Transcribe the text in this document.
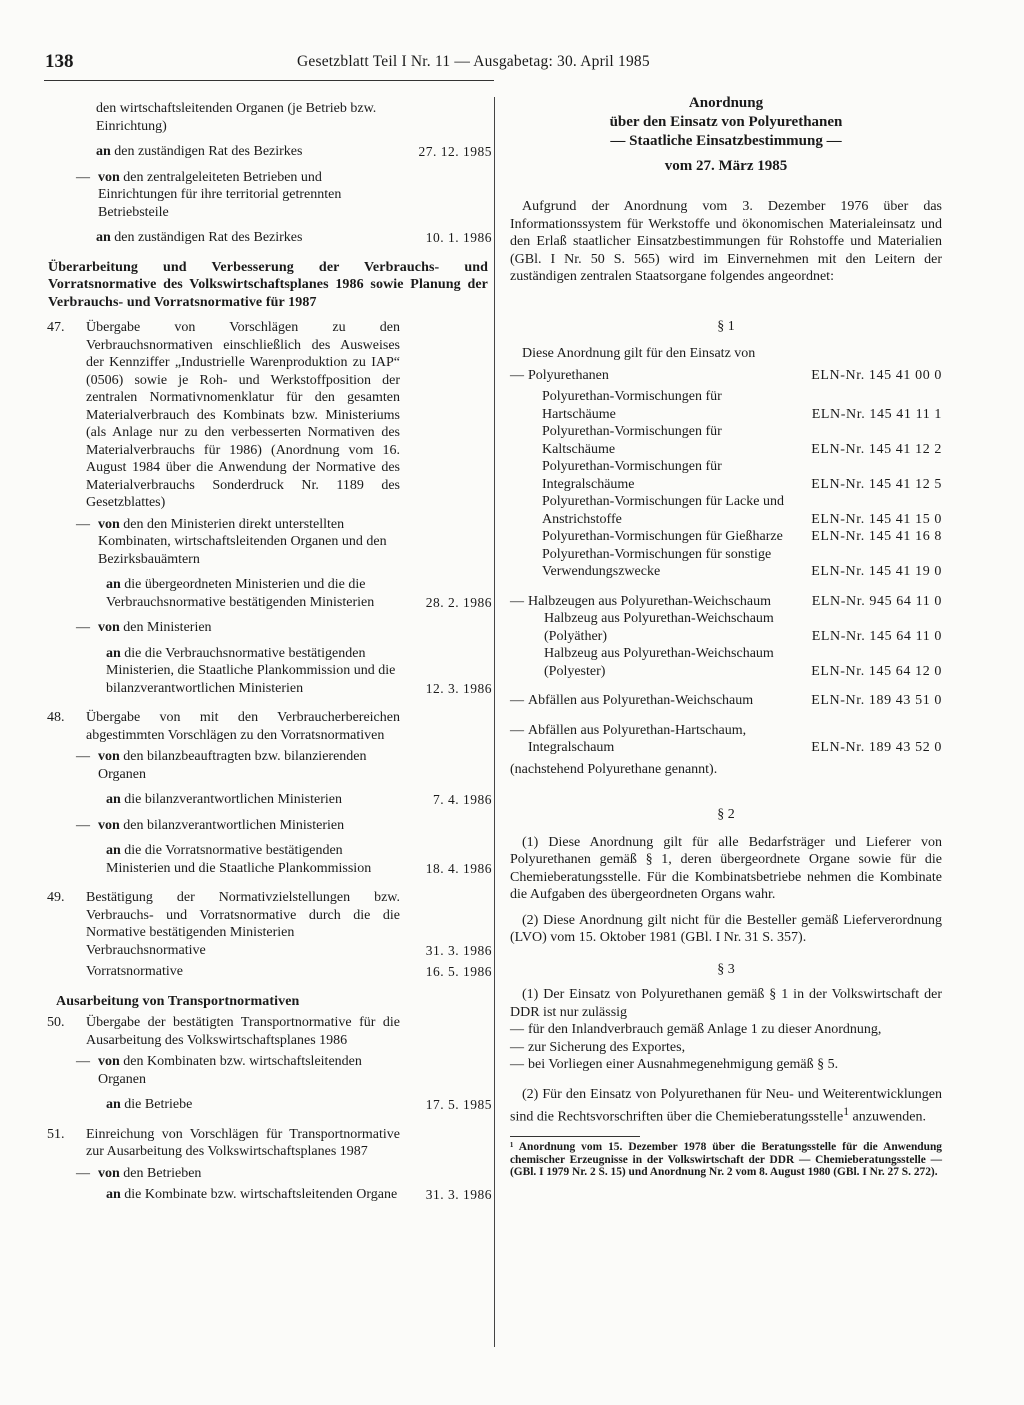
138	Gesetzblatt Teil I Nr. 11 — Ausgabetag: 30. April 1985
den wirtschaftsleitenden Organen (je Betrieb bzw. Einrichtung)
an den zuständigen Rat des Bezirkes	27. 12. 1985
— von den zentralgeleiteten Betrieben und Einrichtungen für ihre territorial getrennten Betriebsteile
an den zuständigen Rat des Bezirkes	10. 1. 1986
Überarbeitung und Verbesserung der Verbrauchs- und Vorratsnormative des Volkswirtschaftsplanes 1986 sowie Planung der Verbrauchs- und Vorratsnormative für 1987
47. Übergabe von Vorschlägen zu den Verbrauchsnormativen einschließlich des Ausweises der Kennziffer „Industrielle Warenproduktion zu IAP“ (0506) sowie je Roh- und Werkstoffposition der zentralen Normativnomenklatur für den gesamten Materialverbrauch des Kombinats bzw. Ministeriums (als Anlage nur zu den verbesserten Normativen des Materialverbrauchs für 1986) (Anordnung vom 16. August 1984 über die Anwendung der Normative des Materialverbrauchs Sonderdruck Nr. 1189 des Gesetzblattes)
— von den den Ministerien direkt unterstellten Kombinaten, wirtschaftsleitenden Organen und den Bezirksbauämtern
an die übergeordneten Ministerien und die die Verbrauchsnormative bestätigenden Ministerien	28. 2. 1986
— von den Ministerien
an die die Verbrauchsnormative bestätigenden Ministerien, die Staatliche Plankommission und die bilanzverantwortlichen Ministerien	12. 3. 1986
48. Übergabe von mit den Verbraucherbereichen abgestimmten Vorschlägen zu den Vorratsnormativen
— von den bilanzbeauftragten bzw. bilanzierenden Organen
an die bilanzverantwortlichen Ministerien	7. 4. 1986
— von den bilanzverantwortlichen Ministerien
an die die Vorratsnormative bestätigenden Ministerien und die Staatliche Plankommission	18. 4. 1986
49. Bestätigung der Normativzielstellungen bzw. Verbrauchs- und Vorratsnormative durch die die Normative bestätigenden Ministerien
Verbrauchsnormative	31. 3. 1986
Vorratsnormative	16. 5. 1986
Ausarbeitung von Transportnormativen
50. Übergabe der bestätigten Transportnormative für die Ausarbeitung des Volkswirtschaftsplanes 1986
— von den Kombinaten bzw. wirtschaftsleitenden Organen
an die Betriebe	17. 5. 1985
51. Einreichung von Vorschlägen für Transportnormative zur Ausarbeitung des Volkswirtschaftsplanes 1987
— von den Betrieben
an die Kombinate bzw. wirtschaftsleitenden Organe	31. 3. 1986
Anordnung
über den Einsatz von Polyurethanen
— Staatliche Einsatzbestimmung —
vom 27. März 1985
Aufgrund der Anordnung vom 3. Dezember 1976 über das Informationssystem für Werkstoffe und ökonomischen Materialeinsatz und den Erlaß staatlicher Einsatzbestimmungen für Rohstoffe und Materialien (GBl. I Nr. 50 S. 565) wird im Einvernehmen mit den Leitern der zuständigen zentralen Staatsorgane folgendes angeordnet:
§ 1
Diese Anordnung gilt für den Einsatz von
— Polyurethanen	ELN-Nr. 145 41 00 0
Polyurethan-Vormischungen für Hartschäume	ELN-Nr. 145 41 11 1
Polyurethan-Vormischungen für Kaltschäume	ELN-Nr. 145 41 12 2
Polyurethan-Vormischungen für Integralschäume	ELN-Nr. 145 41 12 5
Polyurethan-Vormischungen für Lacke und Anstrichstoffe	ELN-Nr. 145 41 15 0
Polyurethan-Vormischungen für Gießharze ELN-Nr. 145 41 16 8
Polyurethan-Vormischungen für sonstige Verwendungszwecke	ELN-Nr. 145 41 19 0
— Halbzeugen aus Polyurethan-Weichschaum	ELN-Nr. 945 64 11 0
Halbzeug aus Polyurethan-Weichschaum (Polyäther)	ELN-Nr. 145 64 11 0
Halbzeug aus Polyurethan-Weichschaum (Polyester)	ELN-Nr. 145 64 12 0
— Abfällen aus Polyurethan-Weichschaum	ELN-Nr. 189 43 51 0
— Abfällen aus Polyurethan-Hartschaum, Integralschaum	ELN-Nr. 189 43 52 0
(nachstehend Polyurethane genannt).
§ 2
(1) Diese Anordnung gilt für alle Bedarfsträger und Lieferer von Polyurethanen gemäß § 1, deren übergeordnete Organe sowie für die Chemieberatungsstelle. Für die Kombinatsbetriebe nehmen die Kombinate die Aufgaben des übergeordneten Organs wahr.
(2) Diese Anordnung gilt nicht für die Besteller gemäß Lieferverordnung (LVO) vom 15. Oktober 1981 (GBl. I Nr. 31 S. 357).
§ 3
(1) Der Einsatz von Polyurethanen gemäß § 1 in der Volkswirtschaft der DDR ist nur zulässig
— für den Inlandverbrauch gemäß Anlage 1 zu dieser Anordnung,
— zur Sicherung des Exportes,
— bei Vorliegen einer Ausnahmegenehmigung gemäß § 5.
(2) Für den Einsatz von Polyurethanen für Neu- und Weiterentwicklungen sind die Rechtsvorschriften über die Chemieberatungsstelle$^1$ anzuwenden.
¹ Anordnung vom 15. Dezember 1978 über die Beratungsstelle für die Anwendung chemischer Erzeugnisse in der Volkswirtschaft der DDR — Chemieberatungsstelle — (GBl. I 1979 Nr. 2 S. 15) und Anordnung Nr. 2 vom 8. August 1980 (GBl. I Nr. 27 S. 272).
